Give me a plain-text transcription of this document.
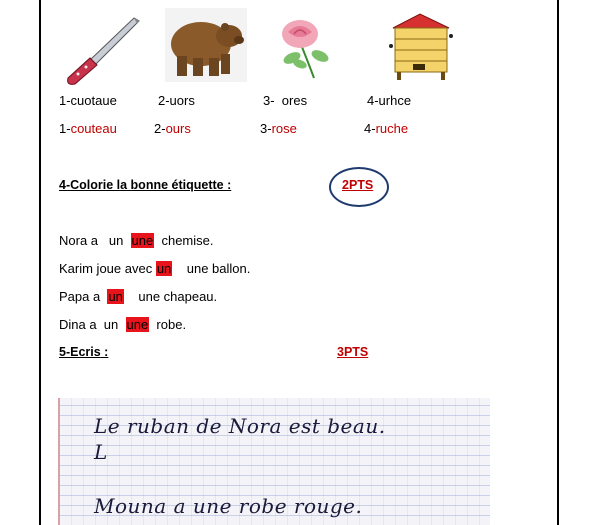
1-cuotaue	2-uors	3-  ores	4-urhce
1-couteau	2-ours	3-rose	4-ruche
4-Colorie la bonne étiquette :	2PTS
Nora a   un  une  chemise.
Karim joue avec un    une ballon.
Papa a  un    une chapeau.
Dina a  un  une  robe.
5-Ecris :	3PTS
Le ruban de Nora est beau.
L
Mouna a une robe rouge.
